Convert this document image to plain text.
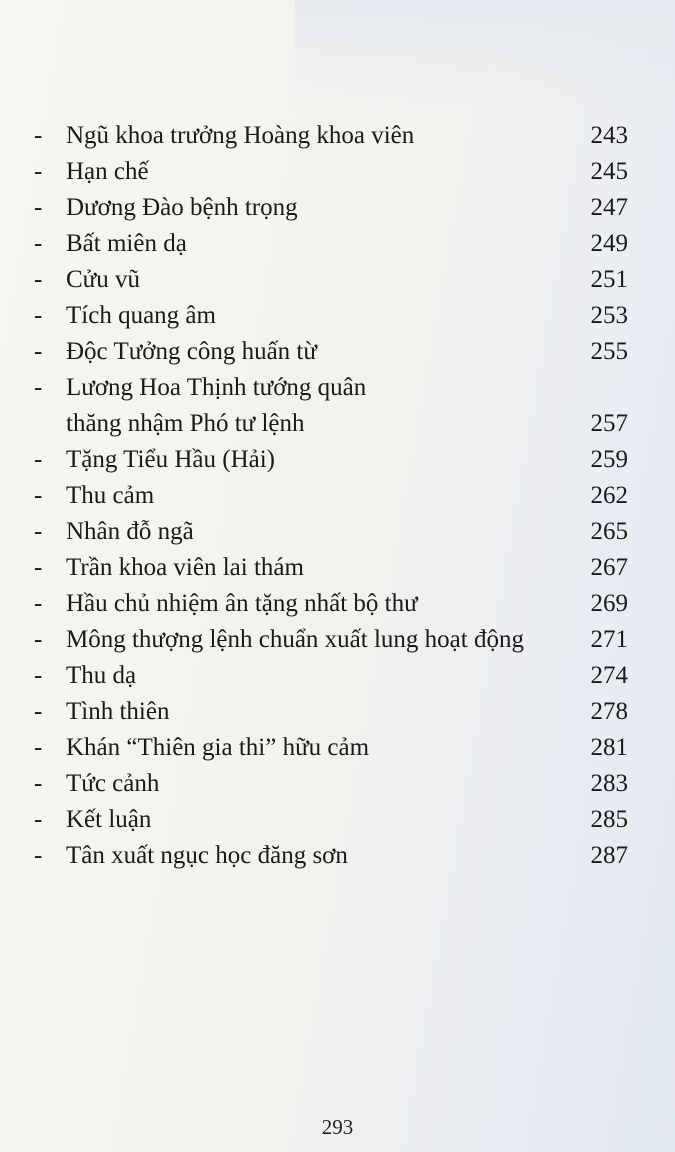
- Ngũ khoa trưởng Hoàng khoa viên	243
- Hạn chế	245
- Dương Đào bệnh trọng	247
- Bất miên dạ	249
- Cửu vũ	251
- Tích quang âm	253
- Độc Tưởng công huấn từ	255
- Lương Hoa Thịnh tướng quân
thăng nhậm Phó tư lệnh	257
- Tặng Tiểu Hầu (Hải)	259
- Thu cảm	262
- Nhân đỗ ngã	265
- Trần khoa viên lai thám	267
- Hầu chủ nhiệm ân tặng nhất bộ thư	269
- Mông thượng lệnh chuẩn xuất lung hoạt động	271
- Thu dạ	274
- Tình thiên	278
- Khán “Thiên gia thi” hữu cảm	281
- Tức cảnh	283
- Kết luận	285
- Tân xuất ngục học đăng sơn	287
293
